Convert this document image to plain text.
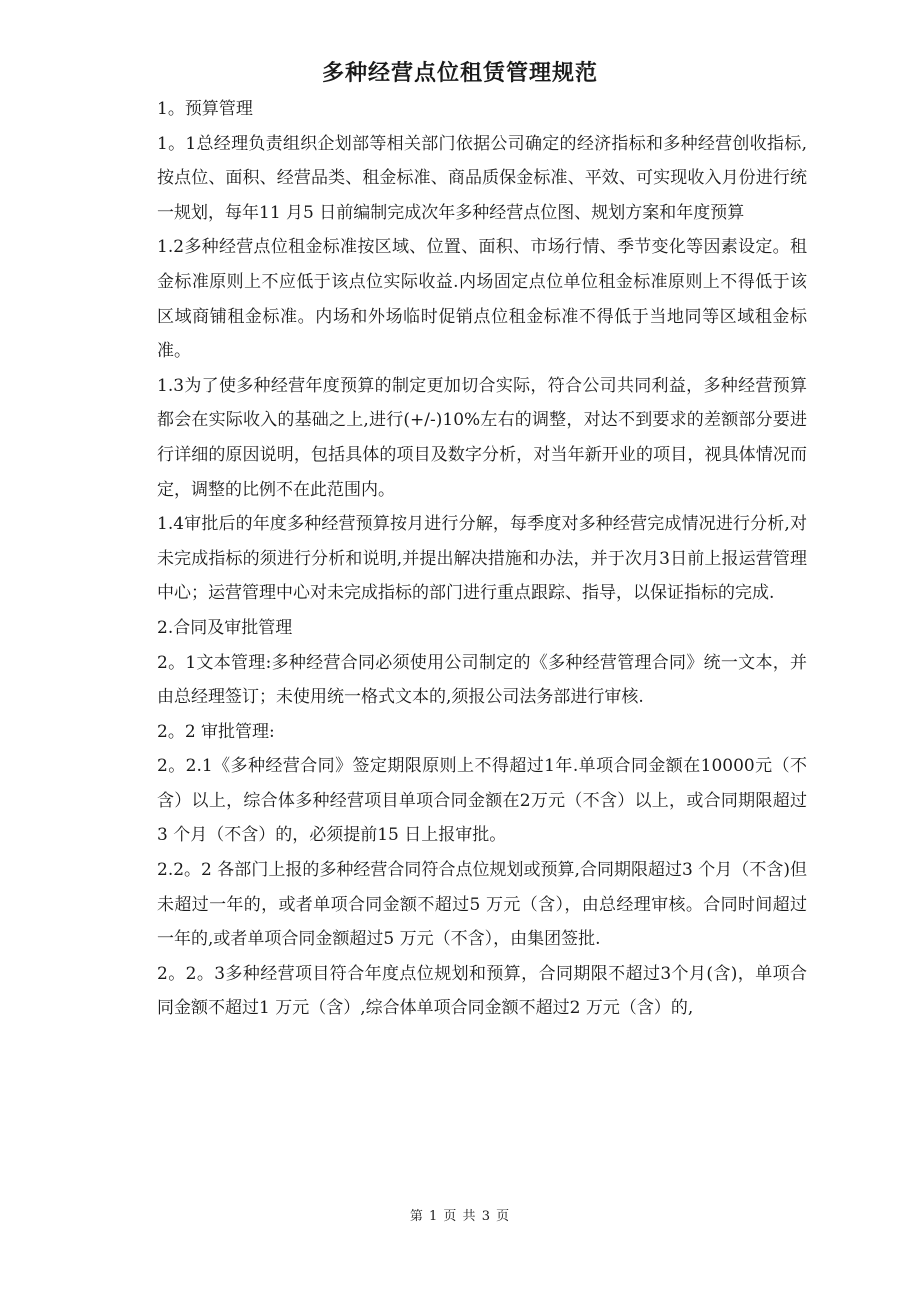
多种经营点位租赁管理规范

1。预算管理

1。1总经理负责组织企划部等相关部门依据公司确定的经济指标和多种经营创收指标,按点位、面积、经营品类、租金标准、商品质保金标准、平效、可实现收入月份进行统一规划，每年11 月5 日前编制完成次年多种经营点位图、规划方案和年度预算

1.2多种经营点位租金标准按区域、位置、面积、市场行情、季节变化等因素设定。租金标准原则上不应低于该点位实际收益.内场固定点位单位租金标准原则上不得低于该区域商铺租金标准。内场和外场临时促销点位租金标准不得低于当地同等区域租金标准。

1.3为了使多种经营年度预算的制定更加切合实际，符合公司共同利益，多种经营预算都会在实际收入的基础之上,进行(+/-)10%左右的调整，对达不到要求的差额部分要进行详细的原因说明，包括具体的项目及数字分析，对当年新开业的项目，视具体情况而定，调整的比例不在此范围内。

1.4审批后的年度多种经营预算按月进行分解，每季度对多种经营完成情况进行分析,对未完成指标的须进行分析和说明,并提出解决措施和办法，并于次月3日前上报运营管理中心；运营管理中心对未完成指标的部门进行重点跟踪、指导，以保证指标的完成.

2.合同及审批管理

2。1文本管理:多种经营合同必须使用公司制定的《多种经营管理合同》统一文本，并由总经理签订；未使用统一格式文本的,须报公司法务部进行审核.

2。2 审批管理:

2。2.1《多种经营合同》签定期限原则上不得超过1年.单项合同金额在10000元（不含）以上，综合体多种经营项目单项合同金额在2万元（不含）以上，或合同期限超过3 个月（不含）的，必须提前15 日上报审批。

2.2。2 各部门上报的多种经营合同符合点位规划或预算,合同期限超过3 个月（不含)但未超过一年的，或者单项合同金额不超过5 万元（含），由总经理审核。合同时间超过一年的,或者单项合同金额超过5 万元（不含），由集团签批.

2。2。3多种经营项目符合年度点位规划和预算，合同期限不超过3个月(含)，单项合同金额不超过1 万元（含）,综合体单项合同金额不超过2 万元（含）的,

第 1 页 共 3 页
